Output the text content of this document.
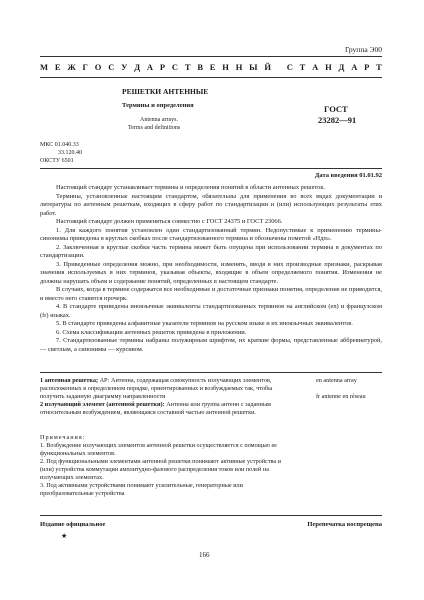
Группа Э00
М Е Ж Г О С У Д А Р С Т В Е Н Н Ы Й
С Т А Н Д А Р Т
РЕШЕТКИ АНТЕННЫЕ
Термины и определения
Antenna arrays.
Terms and definitions
ГОСТ
23282—91
МКС 01.040.33
33.120.40
ОКСТУ 6501
Дата введения 01.01.92

Настоящий стандарт устанавливает термины и определения понятий в области антенных решеток.

Термины, установленные настоящим стандартом, обязательны для применения во всех видах документации и литературы по антенным решеткам, входящих в сферу работ по стандартизации и (или) использующих результаты этих работ.

Настоящий стандарт должен применяться совместно с ГОСТ 24375 и ГОСТ 23066.

1. Для каждого понятия установлен один стандартизованный термин. Недопустимые к применению термины-синонимы приведены в круглых скобках после стандартизованного термина и обозначены пометой «Ндп».

2. Заключенная в круглые скобки часть термина может быть опущена при использовании термина в документах по стандартизации.

3. Приведенные определения можно, при необходимости, изменять, вводя в них производные признаки, раскрывая значения используемых в них терминов, указывая объекты, входящие в объем определяемого понятия. Изменения не должны нарушать объем и содержание понятий, определенных в настоящем стандарте.

В случаях, когда в термине содержатся все необходимые и достаточные признаки понятия, определение не приводится, и вместо него ставится прочерк.

4. В стандарте приведены иноязычные эквиваленты стандартизованных терминов на английском (en) и французском (fr) языках.

5. В стандарте приведены алфавитные указатели терминов на русском языке и их иноязычных эквивалентов.

6. Схема классификации антенных решеток приведена в приложении.

7. Стандартизованные термины набраны полужирным шрифтом, их краткие формы, представленные аббревиатурой, — светлым, а синонимы — курсивом.

1 антенная решетка; АР: Антенна, содержащая совокупность излучающих элементов, расположенных в определенном порядке, ориентированных и возбуждаемых так, чтобы получить заданную диаграмму направленности

2 излучающий элемент (антенной решетки): Антенна или группа антенн с заданным относительным возбуждением, являющаяся составной частью антенной решетки.

en antenna array
fr antenne en réseau

Примечания:

1. Возбуждение излучающих элементов антенной решетки осуществляется с помощью ее функциональных элементов.

2. Под функциональными элементами антенной решетки понимают активные устройства и (или) устройства коммутации амплитудно-фазового распределения токов или полей на излучающих элементах.

3. Под активными устройствами понимают усилительные, генераторные или преобразовательные устройства

Издание официальное	Перепечатка воспрещена
★
166
